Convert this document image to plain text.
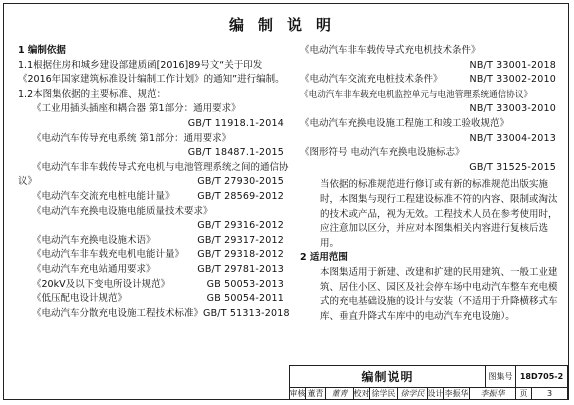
编制说明
1 编制依据
1.1根据住房和城乡建设部建质函[2016]89号文“关于印发
《2016年国家建筑标准设计编制工作计划》的通知”进行编制。
1.2本图集依据的主要标准、规范：
《工业用插头插座和耦合器 第1部分：通用要求》
GB/T 11918.1-2014
《电动汽车传导充电系统 第1部分：通用要求》
GB/T 18487.1-2015
《电动汽车非车载传导式充电机与电池管理系统之间的通信协
议》	GB/T 27930-2015
《电动汽车交流充电桩电能计量》 GB/T 28569-2012
《电动汽车充换电设施电能质量技术要求》
GB/T 29316-2012
《电动汽车充换电设施术语》	GB/T 29317-2012
《电动汽车非车载充电机电能计量》 GB/T 29318-2012
《电动汽车充电站通用要求》	GB/T 29781-2013
《20kV及以下变电所设计规范》	GB 50053-2013
《低压配电设计规范》	GB 50054-2011
《电动汽车分散充电设施工程技术标准》 GB/T 51313-2018
《电动汽车非车载传导式充电机技术条件》
NB/T 33001-2018
《电动汽车交流充电桩技术条件》	NB/T 33002-2010
《电动汽车非车载充电机监控单元与电池管理系统通信协议》
NB/T 33003-2010
《电动汽车充换电设施工程施工和竣工验收规范》
NB/T 33004-2013
《图形符号 电动汽车充换电设施标志》
GB/T 31525-2015
当依据的标准规范进行修订或有新的标准规范出版实施时，本图集与现行工程建设标准不符的内容、限制或淘汰的技术或产品，视为无效。工程技术人员在参考使用时，应注意加以区分，并应对本图集相关内容进行复核后选用。
2 适用范围
本图集适用于新建、改建和扩建的民用建筑、一般工业建筑、居住小区、园区及社会停车场中电动汽车整车充电模式的充电基础设施的设计与安装（不适用于升降横移式车库、垂直升降式车库中的电动汽车充电设施）。
编制说明	图集号 18D705-2
审核 董青	董青 校对 徐学民 徐学民 设计 李振华	李振华	页	3
